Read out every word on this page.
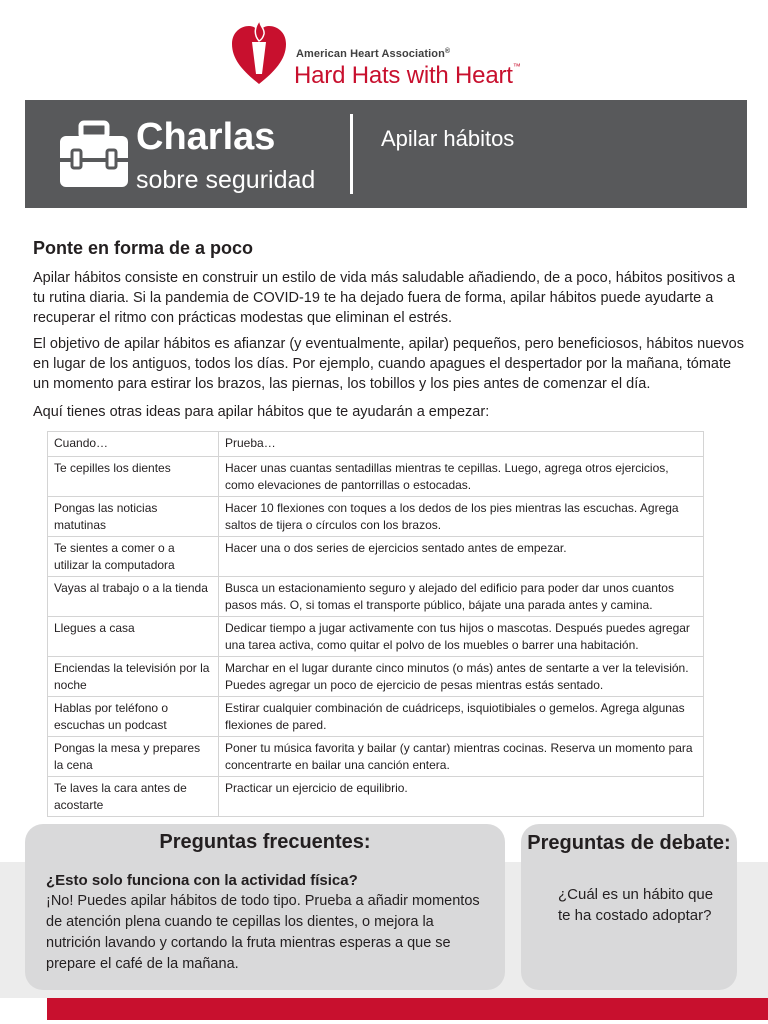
American Heart Association®
Hard Hats with Heart™
Charlas
sobre seguridad
Apilar hábitos
Ponte en forma de a poco

Apilar hábitos consiste en construir un estilo de vida más saludable añadiendo, de a poco, hábitos positivos a tu rutina diaria. Si la pandemia de COVID-19 te ha dejado fuera de forma, apilar hábitos puede ayudarte a recuperar el ritmo con prácticas modestas que eliminan el estrés.

El objetivo de apilar hábitos es afianzar (y eventualmente, apilar) pequeños, pero beneficiosos, hábitos nuevos en lugar de los antiguos, todos los días. Por ejemplo, cuando apagues el despertador por la mañana, tómate un momento para estirar los brazos, las piernas, los tobillos y los pies antes de comenzar el día.

Aquí tienes otras ideas para apilar hábitos que te ayudarán a empezar:

Cuando…	Prueba…
Te cepilles los dientes	Hacer unas cuantas sentadillas mientras te cepillas. Luego, agrega otros ejercicios, como elevaciones de pantorrillas o estocadas.
Pongas las noticias matutinas	Hacer 10 flexiones con toques a los dedos de los pies mientras las escuchas. Agrega saltos de tijera o círculos con los brazos.
Te sientes a comer o a utilizar la computadora	Hacer una o dos series de ejercicios sentado antes de empezar.
Vayas al trabajo o a la tienda	Busca un estacionamiento seguro y alejado del edificio para poder dar unos cuantos pasos más. O, si tomas el transporte público, bájate una parada antes y camina.
Llegues a casa	Dedicar tiempo a jugar activamente con tus hijos o mascotas. Después puedes agregar una tarea activa, como quitar el polvo de los muebles o barrer una habitación.
Enciendas la televisión por la noche	Marchar en el lugar durante cinco minutos (o más) antes de sentarte a ver la televisión. Puedes agregar un poco de ejercicio de pesas mientras estás sentado.
Hablas por teléfono o escuchas un podcast	Estirar cualquier combinación de cuádriceps, isquiotibiales o gemelos. Agrega algunas flexiones de pared.
Pongas la mesa y prepares la cena	Poner tu música favorita y bailar (y cantar) mientras cocinas. Reserva un momento para concentrarte en bailar una canción entera.
Te laves la cara antes de acostarte	Practicar un ejercicio de equilibrio.
Preguntas frecuentes:
¿Esto solo funciona con la actividad física?

¡No! Puedes apilar hábitos de todo tipo. Prueba a añadir momentos de atención plena cuando te cepillas los dientes, o mejora la nutrición lavando y cortando la fruta mientras esperas a que se prepare el café de la mañana.

Preguntas de debate:

¿Cuál es un hábito que te ha costado adoptar?
